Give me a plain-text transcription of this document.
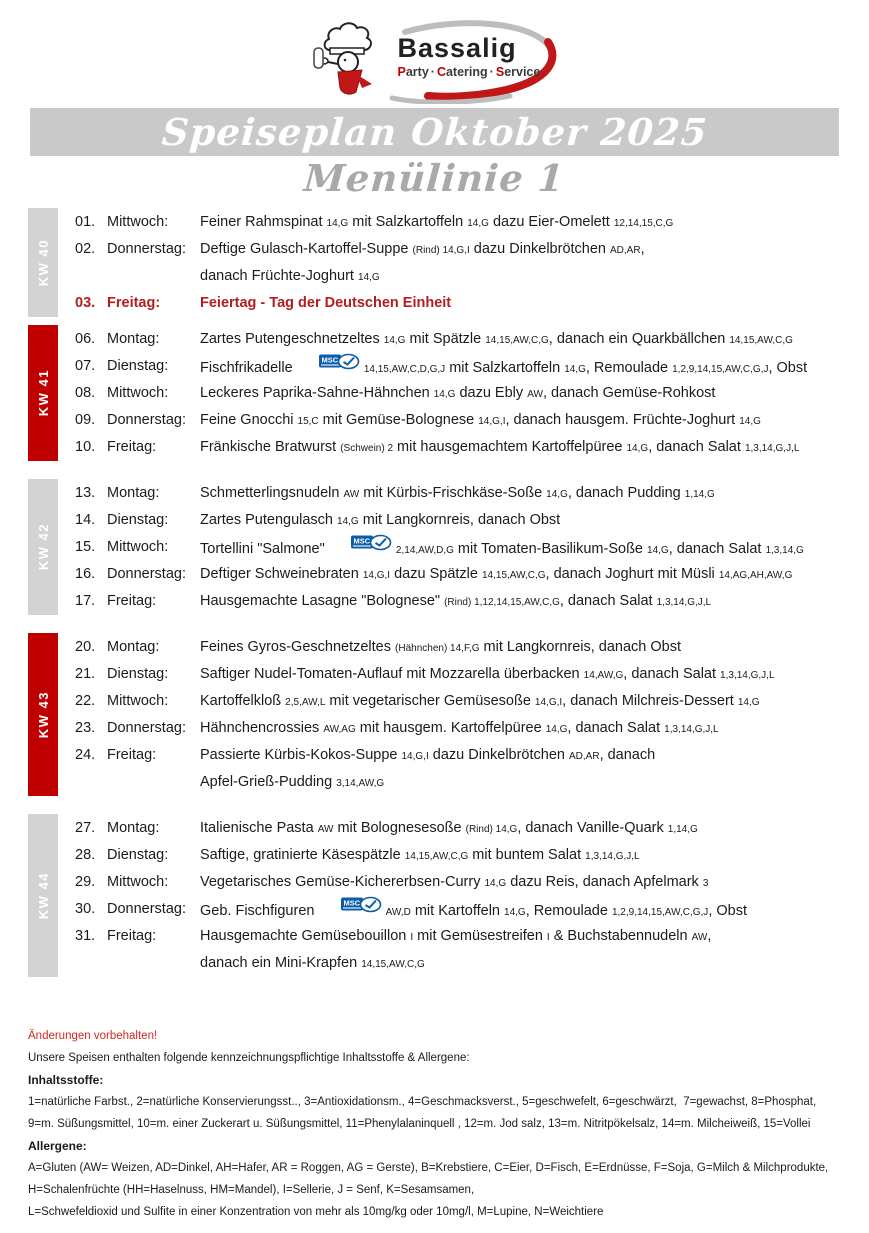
Bassalig
Party · Catering · Service
Speiseplan Oktober 2025
Menülinie 1
KW 40
01. Mittwoch:	Feiner Rahmspinat 14,G mit Salzkartoffeln 14,G dazu Eier-Omelett 12,14,15,C,G
02. Donnerstag: Deftige Gulasch-Kartoffel-Suppe (Rind) 14,G,I dazu Dinkelbrötchen AD,AR,
danach Früchte-Joghurt 14,G
03. Freitag:	Feiertag - Tag der Deutschen Einheit
KW 41
06. Montag:	Zartes Putengeschnetzeltes 14,G mit Spätzle 14,15,AW,C,G, danach ein Quarkbällchen 14,15,AW,C,G
07. Dienstag:	Fischfrikadelle MSC
14,15,AW,C,D,G,J mit Salzkartoffeln 14,G, Remoulade 1,2,9,14,15,AW,C,G,J, Obst
08. Mittwoch:	Leckeres Paprika-Sahne-Hähnchen 14,G dazu Ebly AW, danach Gemüse-Rohkost
09. Donnerstag: Feine Gnocchi 15,C mit Gemüse-Bolognese 14,G,I, danach hausgem. Früchte-Joghurt 14,G
10. Freitag:	Fränkische Bratwurst (Schwein) 2 mit hausgemachtem Kartoffelpüree 14,G, danach Salat 1,3,14,G,J,L
KW 42
13. Montag:	Schmetterlingsnudeln AW mit Kürbis-Frischkäse-Soße 14,G, danach Pudding 1,14,G
14. Dienstag:	Zartes Putengulasch 14,G mit Langkornreis, danach Obst
15. Mittwoch:	Tortellini "Salmone" MSC
2,14,AW,D,G mit Tomaten-Basilikum-Soße 14,G, danach Salat 1,3,14,G
16. Donnerstag: Deftiger Schweinebraten 14,G,I dazu Spätzle 14,15,AW,C,G, danach Joghurt mit Müsli 14,AG,AH,AW,G
17. Freitag:	Hausgemachte Lasagne "Bolognese" (Rind) 1,12,14,15,AW,C,G, danach Salat 1,3,14,G,J,L
KW 43
20. Montag:	Feines Gyros-Geschnetzeltes (Hähnchen) 14,F,G mit Langkornreis, danach Obst
21. Dienstag:	Saftiger Nudel-Tomaten-Auflauf mit Mozzarella überbacken 14,AW,G, danach Salat 1,3,14,G,J,L
22. Mittwoch:	Kartoffelkloß 2,5,AW,L mit vegetarischer Gemüsesoße 14,G,I, danach Milchreis-Dessert 14,G
23. Donnerstag: Hähnchencrossies AW,AG mit hausgem. Kartoffelpüree 14,G, danach Salat 1,3,14,G,J,L
24. Freitag:	Passierte Kürbis-Kokos-Suppe 14,G,I dazu Dinkelbrötchen AD,AR, danach
Apfel-Grieß-Pudding 3,14,AW,G
KW 44
27. Montag:	Italienische Pasta AW mit Bolognesesoße (Rind) 14,G, danach Vanille-Quark 1,14,G
28. Dienstag:	Saftige, gratinierte Käsespätzle 14,15,AW,C,G mit buntem Salat 1,3,14,G,J,L
29. Mittwoch:	Vegetarisches Gemüse-Kichererbsen-Curry 14,G dazu Reis, danach Apfelmark 3
30. Donnerstag: Geb. Fischfiguren MSC
AW,D mit Kartoffeln 14,G, Remoulade 1,2,9,14,15,AW,C,G,J, Obst
31. Freitag:	Hausgemachte Gemüsebouillon I mit Gemüsestreifen I & Buchstabennudeln AW,
danach ein Mini-Krapfen 14,15,AW,C,G
Änderungen vorbehalten!
Unsere Speisen enthalten folgende kennzeichnungspflichtige Inhaltsstoffe & Allergene:
Inhaltsstoffe:
1=natürliche Farbst., 2=natürliche Konservierungsst.., 3=Antioxidationsm., 4=Geschmacksverst., 5=geschwefelt, 6=geschwärzt,  7=gewachst, 8=Phosphat,
9=m. Süßungsmittel, 10=m. einer Zuckerart u. Süßungsmittel, 11=Phenylalaninquell , 12=m. Jod salz, 13=m. Nitritpökelsalz, 14=m. Milcheiweiß, 15=Vollei
Allergene:
A=Gluten (AW= Weizen, AD=Dinkel, AH=Hafer, AR = Roggen, AG = Gerste), B=Krebstiere, C=Eier, D=Fisch, E=Erdnüsse, F=Soja, G=Milch & Milchprodukte,
H=Schalenfrüchte (HH=Haselnuss, HM=Mandel), I=Sellerie, J = Senf, K=Sesamsamen,
L=Schwefeldioxid und Sulfite in einer Konzentration von mehr als 10mg/kg oder 10mg/l, M=Lupine, N=Weichtiere
